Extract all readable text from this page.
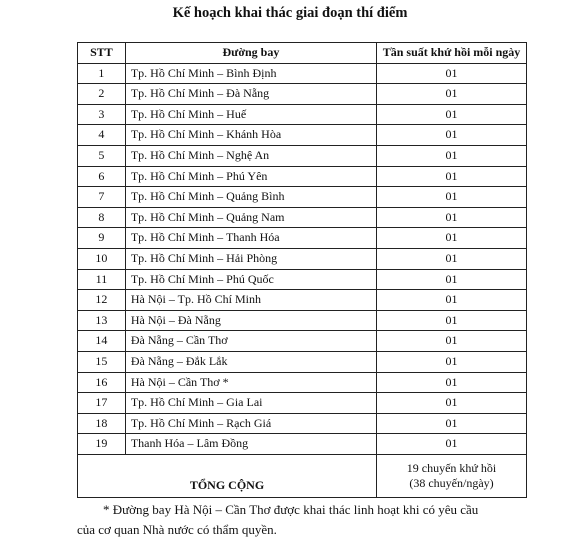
Kế hoạch khai thác giai đoạn thí điểm
STT	Đường bay	Tần suất khứ hồi mỗi ngày
1	Tp. Hồ Chí Minh – Bình Định	01
2	Tp. Hồ Chí Minh – Đà Nẵng	01
3	Tp. Hồ Chí Minh – Huế	01
4	Tp. Hồ Chí Minh – Khánh Hòa	01
5	Tp. Hồ Chí Minh – Nghệ An	01
6	Tp. Hồ Chí Minh – Phú Yên	01
7	Tp. Hồ Chí Minh – Quảng Bình	01
8	Tp. Hồ Chí Minh – Quảng Nam	01
9	Tp. Hồ Chí Minh – Thanh Hóa	01
10	Tp. Hồ Chí Minh – Hải Phòng	01
11	Tp. Hồ Chí Minh – Phú Quốc	01
12	Hà Nội – Tp. Hồ Chí Minh	01
13	Hà Nội – Đà Nẵng	01
14	Đà Nẵng – Cần Thơ	01
15	Đà Nẵng – Đắk Lắk	01
16	Hà Nội – Cần Thơ *	01
17	Tp. Hồ Chí Minh – Gia Lai	01
18	Tp. Hồ Chí Minh – Rạch Giá	01
19	Thanh Hóa – Lâm Đồng	01
TỔNG CỘNG		19 chuyến khứ hồi
(38 chuyến/ngày)
* Đường bay Hà Nội – Cần Thơ được khai thác linh hoạt khi có yêu cầu
của cơ quan Nhà nước có thẩm quyền.
